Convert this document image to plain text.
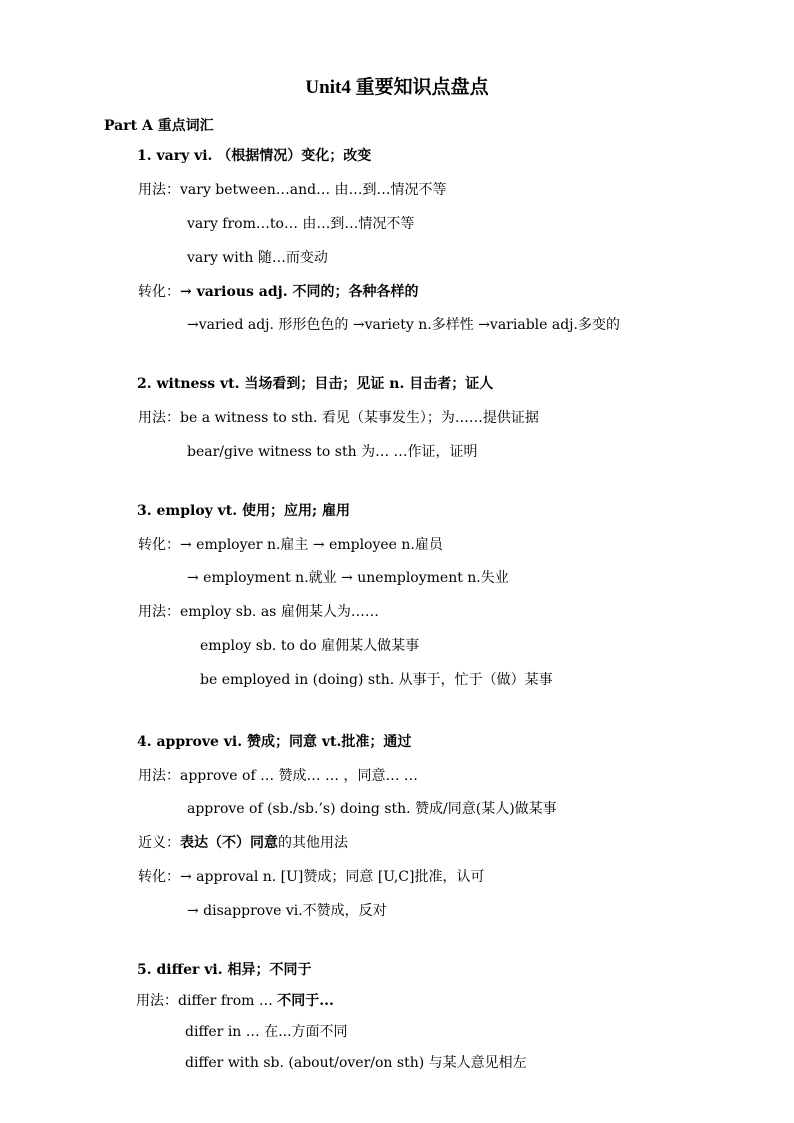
Unit4 重要知识点盘点
Part A 重点词汇
1. vary vi. （根据情况）变化；改变
用法：vary between…and… 由…到…情况不等
vary from…to… 由…到…情况不等
vary with 随…而变动
转化：→ various adj. 不同的；各种各样的
→varied adj. 形形色色的 →variety n.多样性 →variable adj.多变的
2. witness vt. 当场看到；目击；见证 n. 目击者；证人
用法：be a witness to sth. 看见（某事发生）；为……提供证据
bear/give witness to sth 为… …作证，证明
3. employ vt. 使用；应用; 雇用
转化：→ employer n.雇主 → employee n.雇员
→ employment n.就业 → unemployment n.失业
用法：employ sb. as 雇佣某人为……
employ sb. to do 雇佣某人做某事
be employed in (doing) sth. 从事于，忙于（做）某事
4. approve vi. 赞成；同意 vt.批准；通过
用法：approve of … 赞成… … ，同意… …
approve of (sb./sb.’s) doing sth. 赞成/同意(某人)做某事
近义：表达（不）同意的其他用法
转化：→ approval n. [U]赞成；同意 [U,C]批准，认可
→ disapprove vi.不赞成，反对
5. differ vi. 相异；不同于
用法：differ from … 不同于...
differ in … 在...方面不同
differ with sb. (about/over/on sth) 与某人意见相左
